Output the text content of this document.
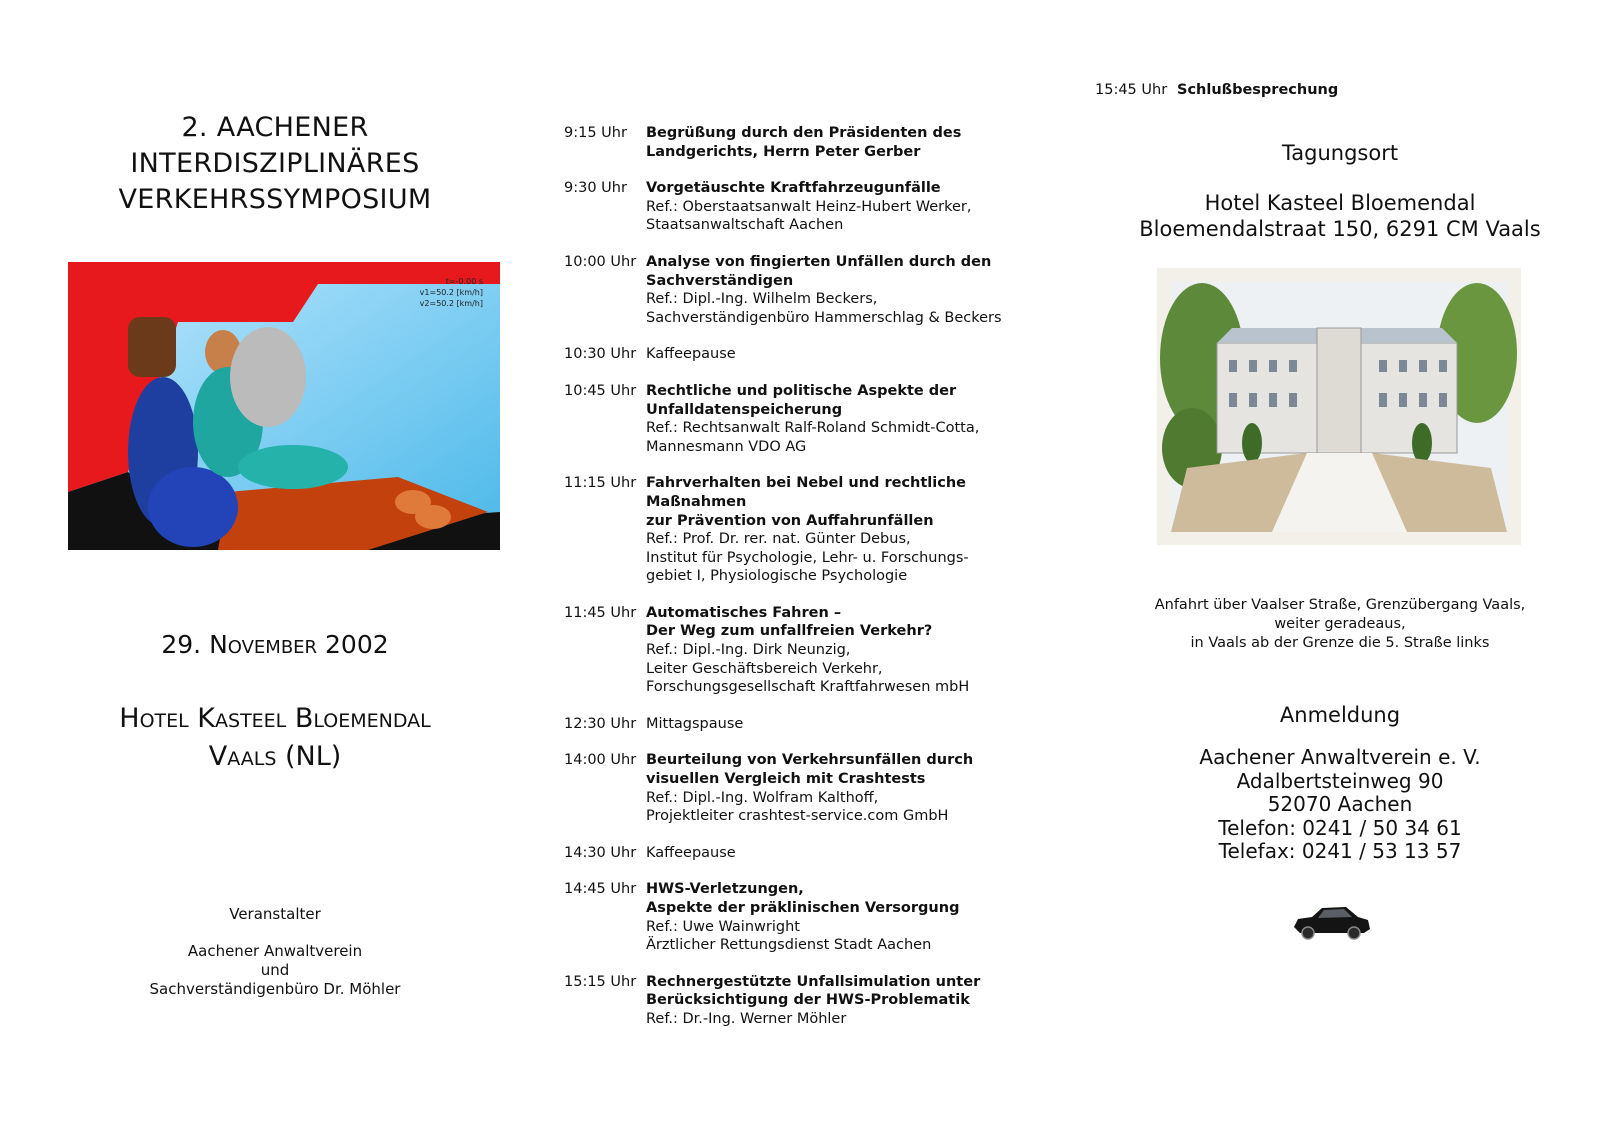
2. AACHENER INTERDISZIPLINÄRES
VERKEHRSSYMPOSIUM
t=-0.00 s
v1=50.2 [km/h]
v2=50.2 [km/h]
29. November 2002
Hotel Kasteel Bloemendal
Vaals (NL)
Veranstalter
Aachener Anwaltverein
und
Sachverständigenbüro Dr. Möhler
9:15 Uhr	Begrüßung durch den Präsidenten des
Landgerichts, Herrn Peter Gerber
9:30 Uhr	Vorgetäuschte Kraftfahrzeugunfälle
Ref.: Oberstaatsanwalt Heinz-Hubert Werker,
Staatsanwaltschaft Aachen
10:00 Uhr Analyse von fingierten Unfällen durch den
Sachverständigen
Ref.: Dipl.-Ing. Wilhelm Beckers,
Sachverständigenbüro Hammerschlag & Beckers
10:30 Uhr Kaffeepause
10:45 Uhr Rechtliche und politische Aspekte der
Unfalldatenspeicherung
Ref.: Rechtsanwalt Ralf-Roland Schmidt-Cotta,
Mannesmann VDO AG
11:15 Uhr Fahrverhalten bei Nebel und rechtliche Maßnahmen
zur Prävention von Auffahrunfällen
Ref.: Prof. Dr. rer. nat. Günter Debus,
Institut für Psychologie, Lehr- u. Forschungs-
gebiet I, Physiologische Psychologie
11:45 Uhr Automatisches Fahren –
Der Weg zum unfallfreien Verkehr?
Ref.: Dipl.-Ing. Dirk Neunzig,
Leiter Geschäftsbereich Verkehr,
Forschungsgesellschaft Kraftfahrwesen mbH
12:30 Uhr Mittagspause
14:00 Uhr Beurteilung von Verkehrsunfällen durch
visuellen Vergleich mit Crashtests
Ref.: Dipl.-Ing. Wolfram Kalthoff,
Projektleiter crashtest-service.com GmbH
14:30 Uhr Kaffeepause
14:45 Uhr HWS-Verletzungen,
Aspekte der präklinischen Versorgung
Ref.: Uwe Wainwright
Ärztlicher Rettungsdienst Stadt Aachen
15:15 Uhr Rechnergestützte Unfallsimulation unter
Berücksichtigung der HWS-Problematik
Ref.: Dr.-Ing. Werner Möhler
15:45 Uhr Schlußbesprechung
Tagungsort
Hotel Kasteel Bloemendal
Bloemendalstraat 150, 6291 CM Vaals
Anfahrt über Vaalser Straße, Grenzübergang Vaals,
weiter geradeaus,
in Vaals ab der Grenze die 5. Straße links
Anmeldung
Aachener Anwaltverein e. V.
Adalbertsteinweg 90
52070 Aachen
Telefon: 0241 / 50 34 61
Telefax: 0241 / 53 13 57
